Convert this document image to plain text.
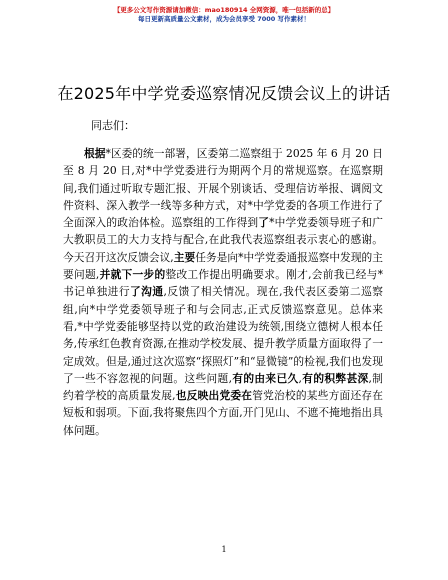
【更多公文写作资源请加微信：mao180914 全网资源，唯一包括新的总】
每日更新高质量公文素材，成为会员享受 7000 写作素材！
在2025年中学党委巡察情况反馈会议上的讲话
同志们：

根据*区委的统一部署，区委第二巡察组于 2025 年 6 月 20 日至 8 月 20 日,对*中学党委进行为期两个月的常规巡察。在巡察期间,我们通过听取专题汇报、开展个别谈话、受理信访举报、调阅文件资料、深入教学一线等多种方式，对*中学党委的各项工作进行了全面深入的政治体检。巡察组的工作得到了*中学党委领导班子和广大教职员工的大力支持与配合,在此我代表巡察组表示衷心的感谢。今天召开这次反馈会议,主要任务是向*中学党委通报巡察中发现的主要问题,并就下一步的整改工作提出明确要求。刚才,会前我已经与*书记单独进行了沟通,反馈了相关情况。现在,我代表区委第二巡察组,向*中学党委领导班子和与会同志,正式反馈巡察意见。总体来看,*中学党委能够坚持以党的政治建设为统领,围绕立德树人根本任务,传承红色教育资源,在推动学校发展、提升教学质量方面取得了一定成效。但是,通过这次巡察“探照灯”和“显微镜”的检视,我们也发现了一些不容忽视的问题。这些问题,有的由来已久,有的积弊甚深,制约着学校的高质量发展,也反映出党委在管党治校的某些方面还存在短板和弱项。下面,我将聚焦四个方面,开门见山、不遮不掩地指出具体问题。

1
